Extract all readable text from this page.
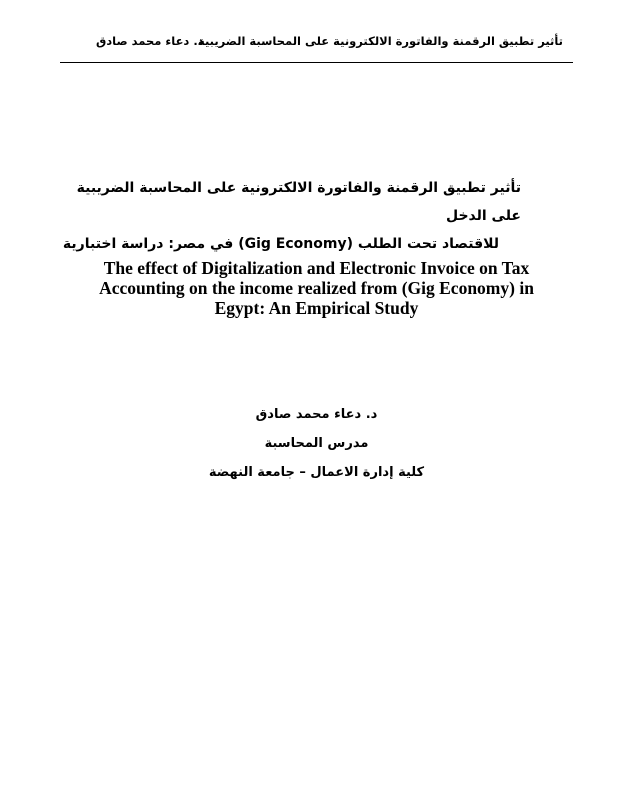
تأثير تطبيق الرقمنة والفاتورة الالكترونية على المحاسبة الضريبية
د. دعاء محمد صادق
تأثير تطبيق الرقمنة والفاتورة الالكترونية على المحاسبة الضريبية على الدخل
للاقتصاد تحت الطلب (Gig Economy) في مصر: دراسة اختبارية
The effect of Digitalization and Electronic Invoice on Tax
Accounting on the income realized from (Gig Economy) in
Egypt: An Empirical Study
د. دعاء محمد صادق
مدرس المحاسبة
كلية إدارة الاعمال – جامعة النهضة
